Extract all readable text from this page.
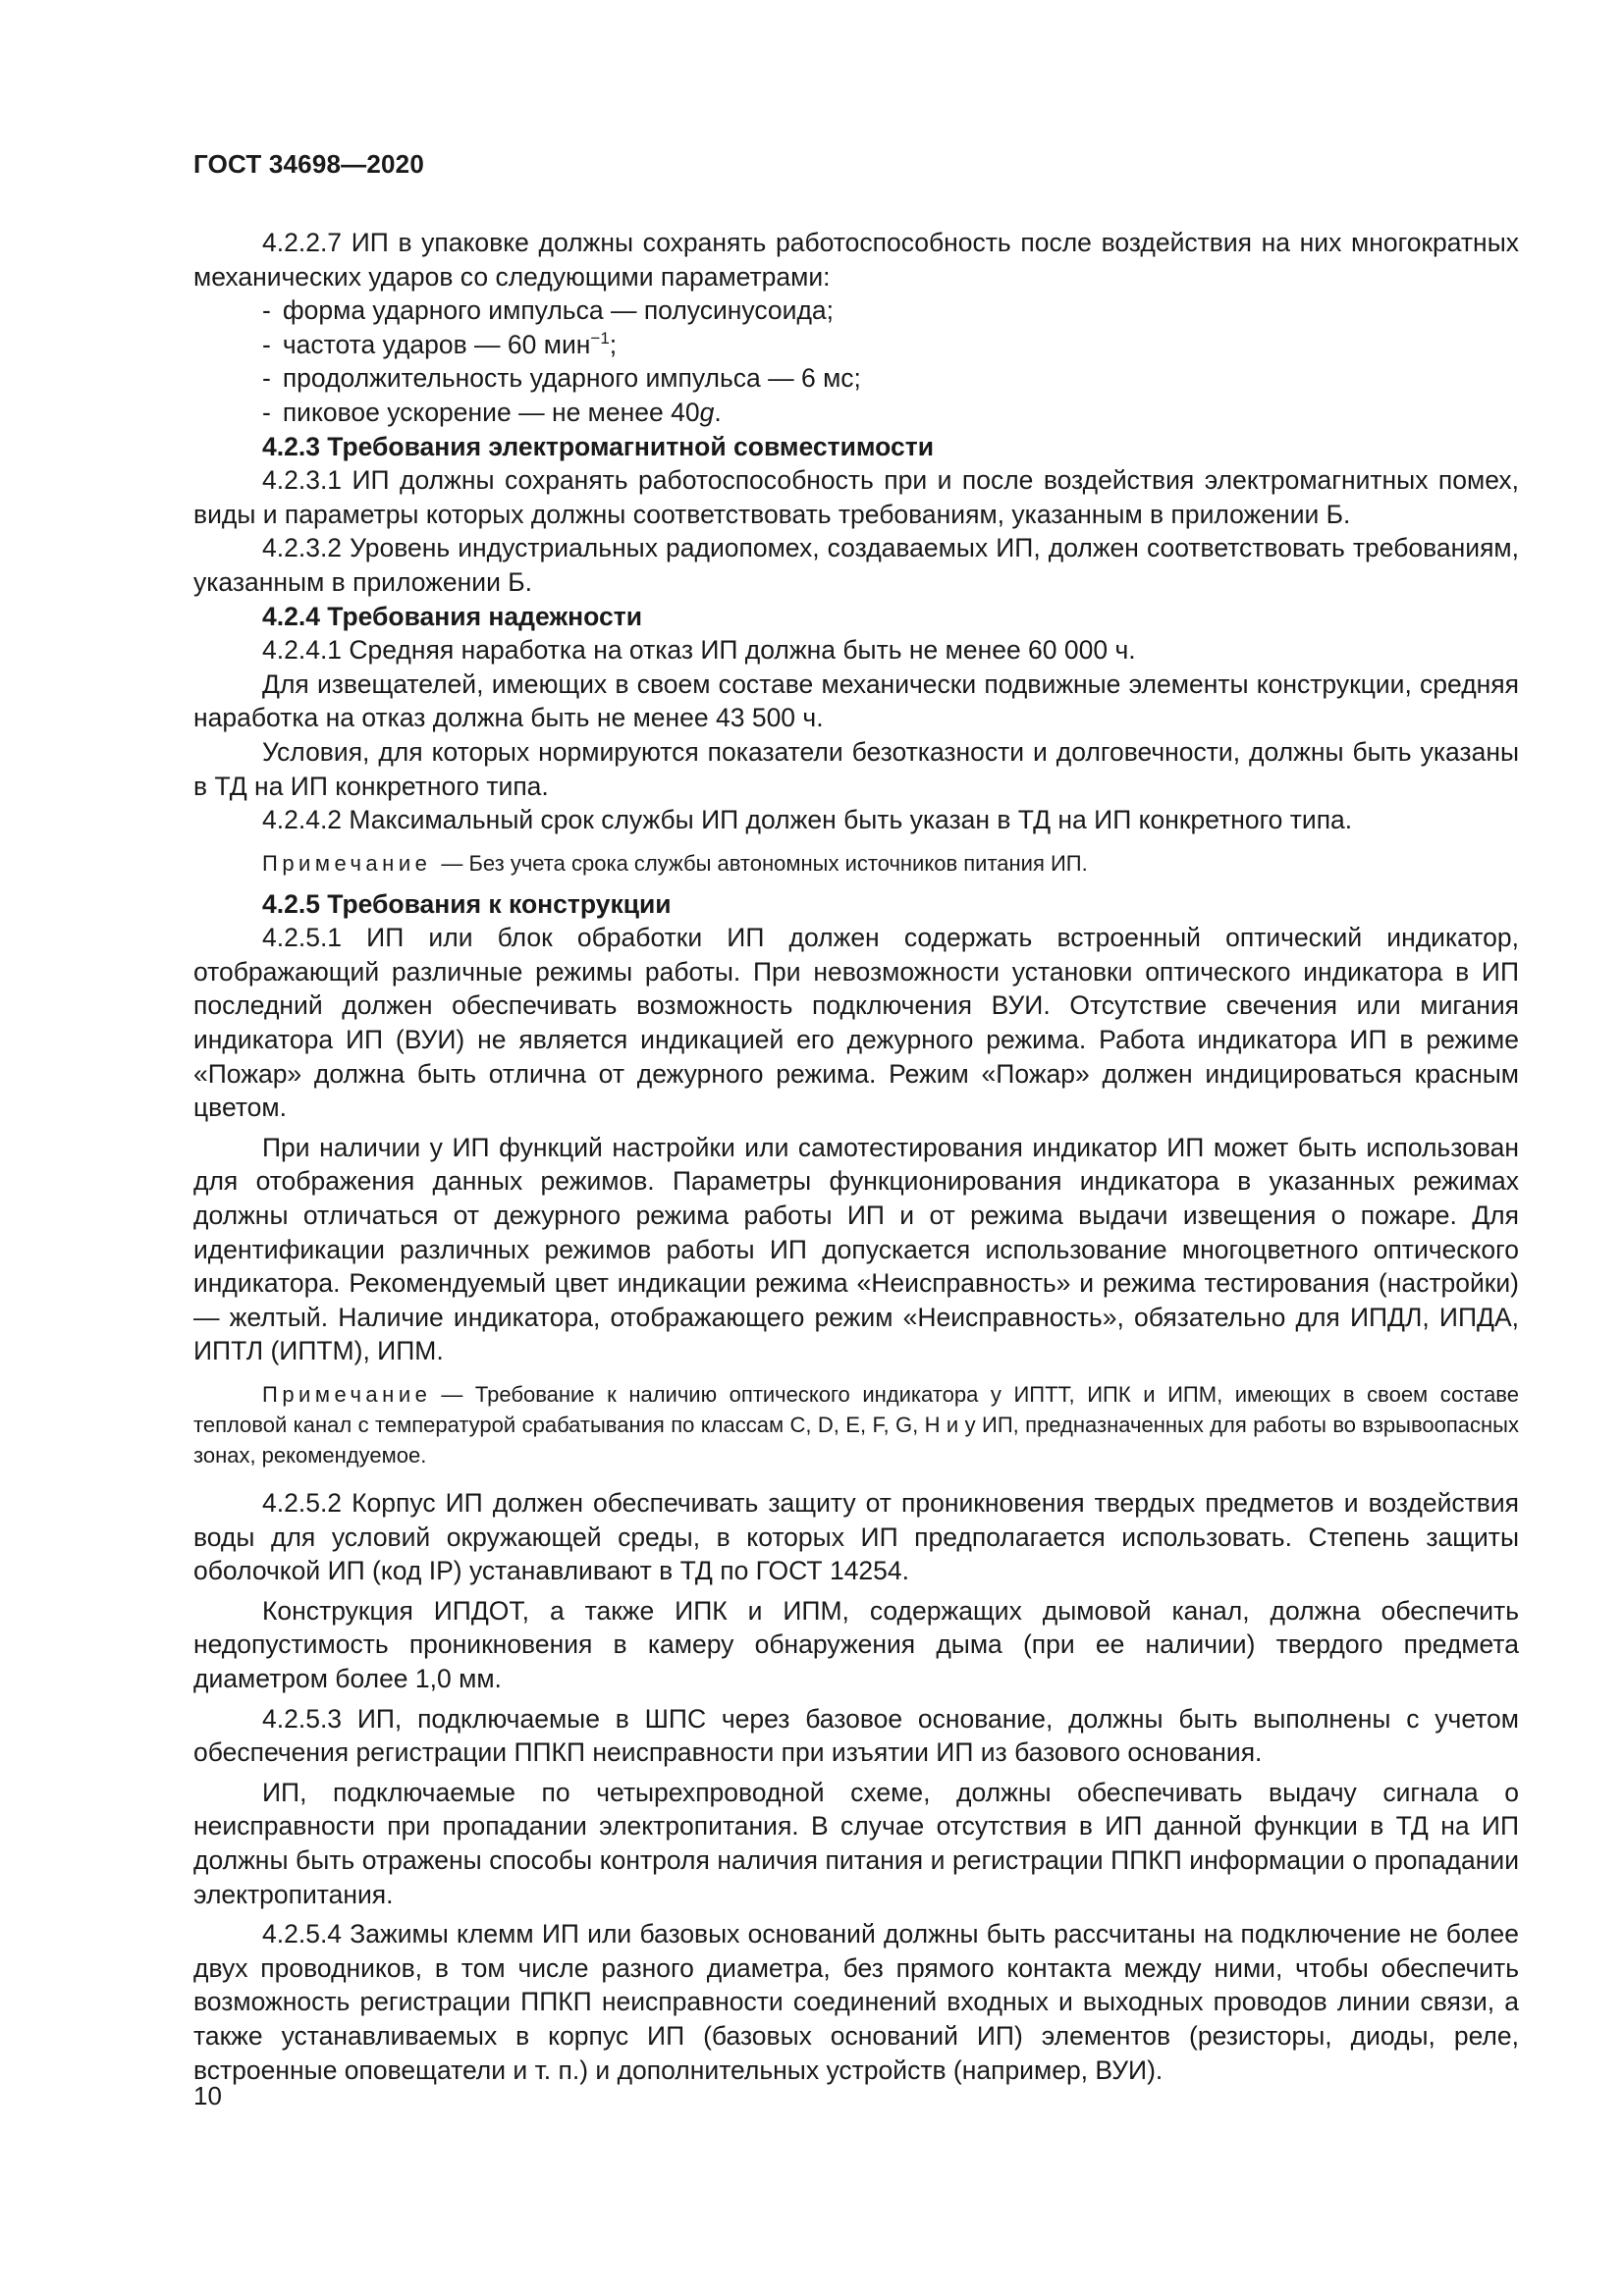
ГОСТ 34698—2020

4.2.2.7 ИП в упаковке должны сохранять работоспособность после воздействия на них многократных механических ударов со следующими параметрами:

- форма ударного импульса — полусинусоида;

- частота ударов — 60 мин$^{-1}$;

- продолжительность ударного импульса — 6 мс;

- пиковое ускорение — не менее 40g.

4.2.3 Требования электромагнитной совместимости

4.2.3.1 ИП должны сохранять работоспособность при и после воздействия электромагнитных помех, виды и параметры которых должны соответствовать требованиям, указанным в приложении Б.

4.2.3.2 Уровень индустриальных радиопомех, создаваемых ИП, должен соответствовать требованиям, указанным в приложении Б.

4.2.4 Требования надежности

4.2.4.1 Средняя наработка на отказ ИП должна быть не менее 60 000 ч.

Для извещателей, имеющих в своем составе механически подвижные элементы конструкции, средняя наработка на отказ должна быть не менее 43 500 ч.

Условия, для которых нормируются показатели безотказности и долговечности, должны быть указаны в ТД на ИП конкретного типа.

4.2.4.2 Максимальный срок службы ИП должен быть указан в ТД на ИП конкретного типа.

Примечание — Без учета срока службы автономных источников питания ИП.

4.2.5 Требования к конструкции

4.2.5.1 ИП или блок обработки ИП должен содержать встроенный оптический индикатор, отображающий различные режимы работы. При невозможности установки оптического индикатора в ИП последний должен обеспечивать возможность подключения ВУИ. Отсутствие свечения или мигания индикатора ИП (ВУИ) не является индикацией его дежурного режима. Работа индикатора ИП в режиме «Пожар» должна быть отлична от дежурного режима. Режим «Пожар» должен индицироваться красным цветом.

При наличии у ИП функций настройки или самотестирования индикатор ИП может быть использован для отображения данных режимов. Параметры функционирования индикатора в указанных режимах должны отличаться от дежурного режима работы ИП и от режима выдачи извещения о пожаре. Для идентификации различных режимов работы ИП допускается использование многоцветного оптического индикатора. Рекомендуемый цвет индикации режима «Неисправность» и режима тестирования (настройки) — желтый. Наличие индикатора, отображающего режим «Неисправность», обязательно для ИПДЛ, ИПДА, ИПТЛ (ИПТМ), ИПМ.

Примечание — Требование к наличию оптического индикатора у ИПТТ, ИПК и ИПМ, имеющих в своем составе тепловой канал с температурой срабатывания по классам C, D, E, F, G, H и у ИП, предназначенных для работы во взрывоопасных зонах, рекомендуемое.

4.2.5.2 Корпус ИП должен обеспечивать защиту от проникновения твердых предметов и воздействия воды для условий окружающей среды, в которых ИП предполагается использовать. Степень защиты оболочкой ИП (код IP) устанавливают в ТД по ГОСТ 14254.

Конструкция ИПДОТ, а также ИПК и ИПМ, содержащих дымовой канал, должна обеспечить недопустимость проникновения в камеру обнаружения дыма (при ее наличии) твердого предмета диаметром более 1,0 мм.

4.2.5.3 ИП, подключаемые в ШПС через базовое основание, должны быть выполнены с учетом обеспечения регистрации ППКП неисправности при изъятии ИП из базового основания.

ИП, подключаемые по четырехпроводной схеме, должны обеспечивать выдачу сигнала о неисправности при пропадании электропитания. В случае отсутствия в ИП данной функции в ТД на ИП должны быть отражены способы контроля наличия питания и регистрации ППКП информации о пропадании электропитания.

4.2.5.4 Зажимы клемм ИП или базовых оснований должны быть рассчитаны на подключение не более двух проводников, в том числе разного диаметра, без прямого контакта между ними, чтобы обеспечить возможность регистрации ППКП неисправности соединений входных и выходных проводов линии связи, а также устанавливаемых в корпус ИП (базовых оснований ИП) элементов (резисторы, диоды, реле, встроенные оповещатели и т. п.) и дополнительных устройств (например, ВУИ).

10
